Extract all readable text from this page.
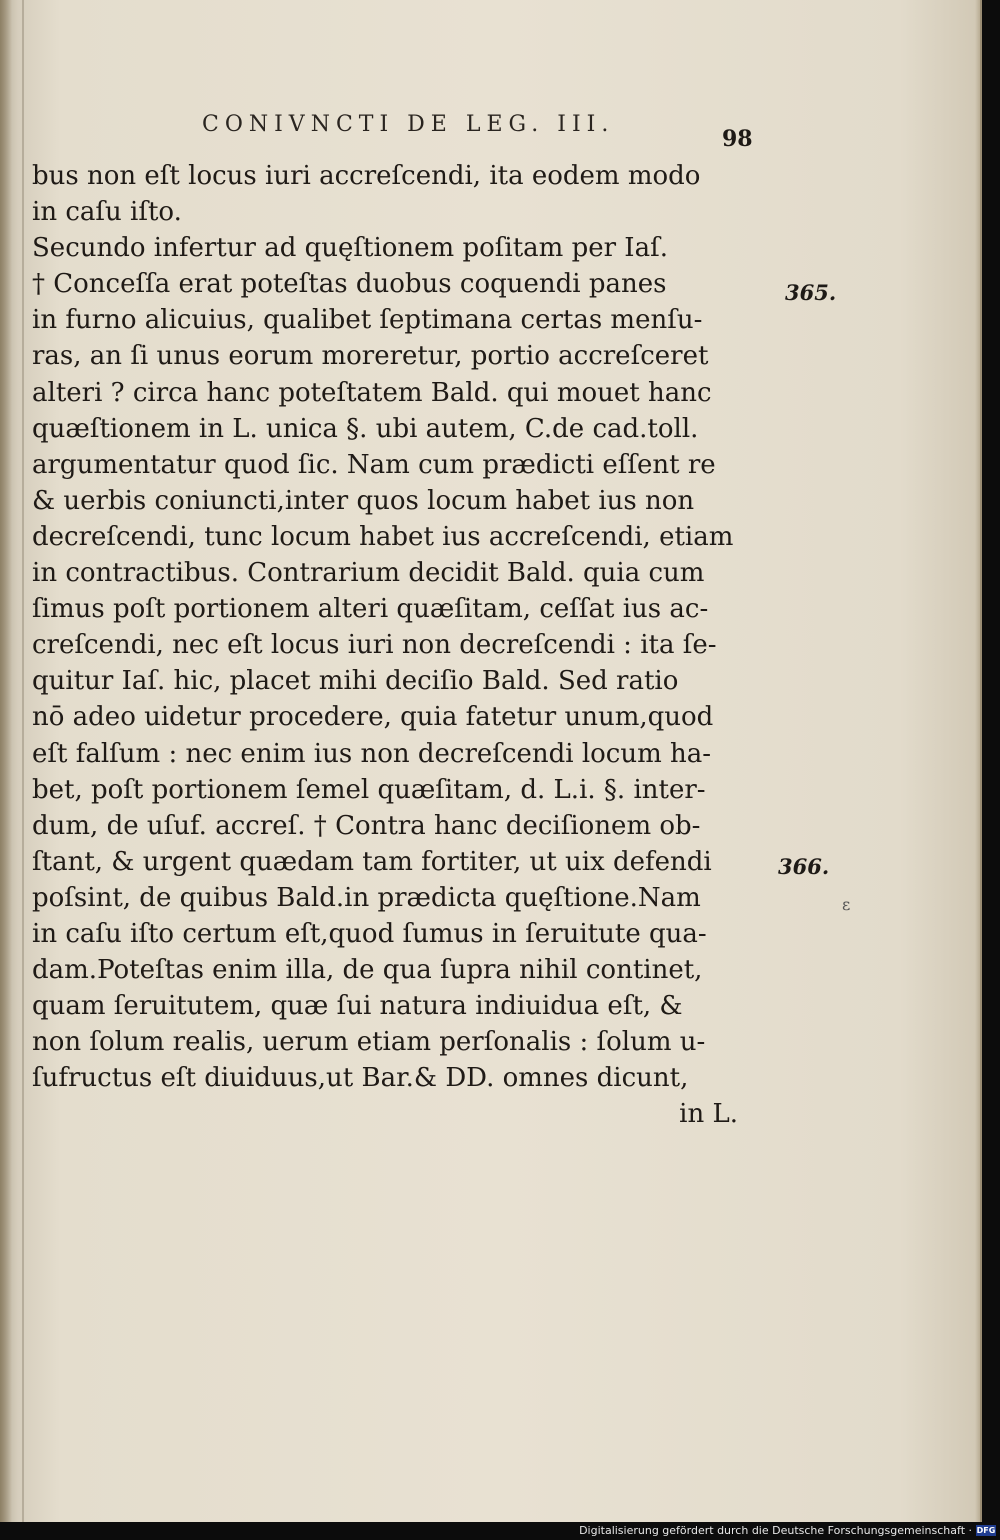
CONIVNCTI DE LEG. III.
98
bus non eſt locus iuri accreſcendi, ita eodem modo
in caſu iſto.
Secundo infertur ad quęſtionem poſitam per Iaſ.
† Conceſſa erat poteſtas duobus coquendi panes
in furno alicuius, qualibet ſeptimana certas menſu-
ras, an ſi unus eorum moreretur, portio accreſceret
alteri ? circa hanc poteſtatem Bald. qui mouet hanc
quæſtionem in L. unica §. ubi autem, C.de cad.toll.
argumentatur quod ſic. Nam cum prædicti eſſent re
& uerbis coniuncti,inter quos locum habet ius non
decreſcendi, tunc locum habet ius accreſcendi, etiam
in contractibus. Contrarium decidit Bald. quia cum
ſimus poſt portionem alteri quæſitam, ceſſat ius ac-
creſcendi, nec eſt locus iuri non decreſcendi : ita ſe-
quitur Iaſ. hic, placet mihi deciſio Bald. Sed ratio
nō adeo uidetur procedere, quia fatetur unum,quod
eſt falſum : nec enim ius non decreſcendi locum ha-
bet, poſt portionem ſemel quæſitam, d. L.i. §. inter-
dum, de uſuf. accreſ. † Contra hanc deciſionem ob-
ſtant, & urgent quædam tam fortiter, ut uix defendi
poſsint, de quibus Bald.in prædicta quęſtione.Nam
in caſu iſto certum eſt,quod ſumus in ſeruitute qua-
dam.Poteſtas enim illa, de qua ſupra nihil continet,
quam ſeruitutem, quæ ſui natura indiuidua eſt, &
non ſolum realis, uerum etiam perſonalis : ſolum u-
ſufructus eſt diuiduus,ut Bar.& DD. omnes dicunt,
in L.
365.
366.
ε
Digitalisierung gefördert durch die Deutsche Forschungsgemeinschaft · DFG
